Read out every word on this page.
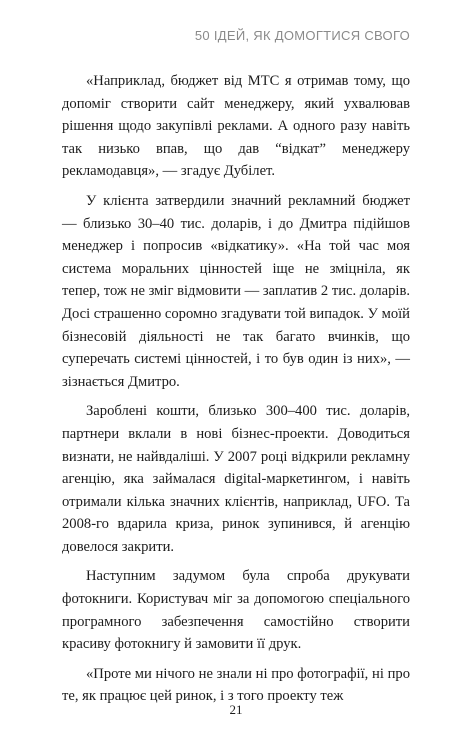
50 ІДЕЙ, ЯК ДОМОГТИСЯ СВОГО

«Наприклад, бюджет від МТС я отримав тому, що допоміг створити сайт менеджеру, який ухвалював рішення щодо закупівлі реклами. А одного разу навіть так низько впав, що дав “відкат” менеджеру рекламодавця», — згадує Дубілет.

У клієнта затвердили значний рекламний бюджет — близько 30–40 тис. доларів, і до Дмитра підійшов менеджер і попросив «відкатику». «На той час моя система моральних цінностей іще не зміцніла, як тепер, тож не зміг відмовити — заплатив 2 тис. доларів. Досі страшенно соромно згадувати той випадок. У моїй бізнесовій діяльності не так багато вчинків, що суперечать системі цінностей, і то був один із них», — зізнається Дмитро.

Зароблені кошти, близько 300–400 тис. доларів, партнери вклали в нові бізнес-проекти. Доводиться визнати, не найвдаліші. У 2007 році відкрили рекламну агенцію, яка займалася digital-маркетингом, і навіть отримали кілька значних клієнтів, наприклад, UFO. Та 2008-го вдарила криза, ринок зупинився, й агенцію довелося закрити.

Наступним задумом була спроба друкувати фотокниги. Користувач міг за допомогою спеціального програмного забезпечення самостійно створити красиву фотокнигу й замовити її друк.

«Проте ми нічого не знали ні про фотографії, ні про те, як працює цей ринок, і з того проекту теж

21
